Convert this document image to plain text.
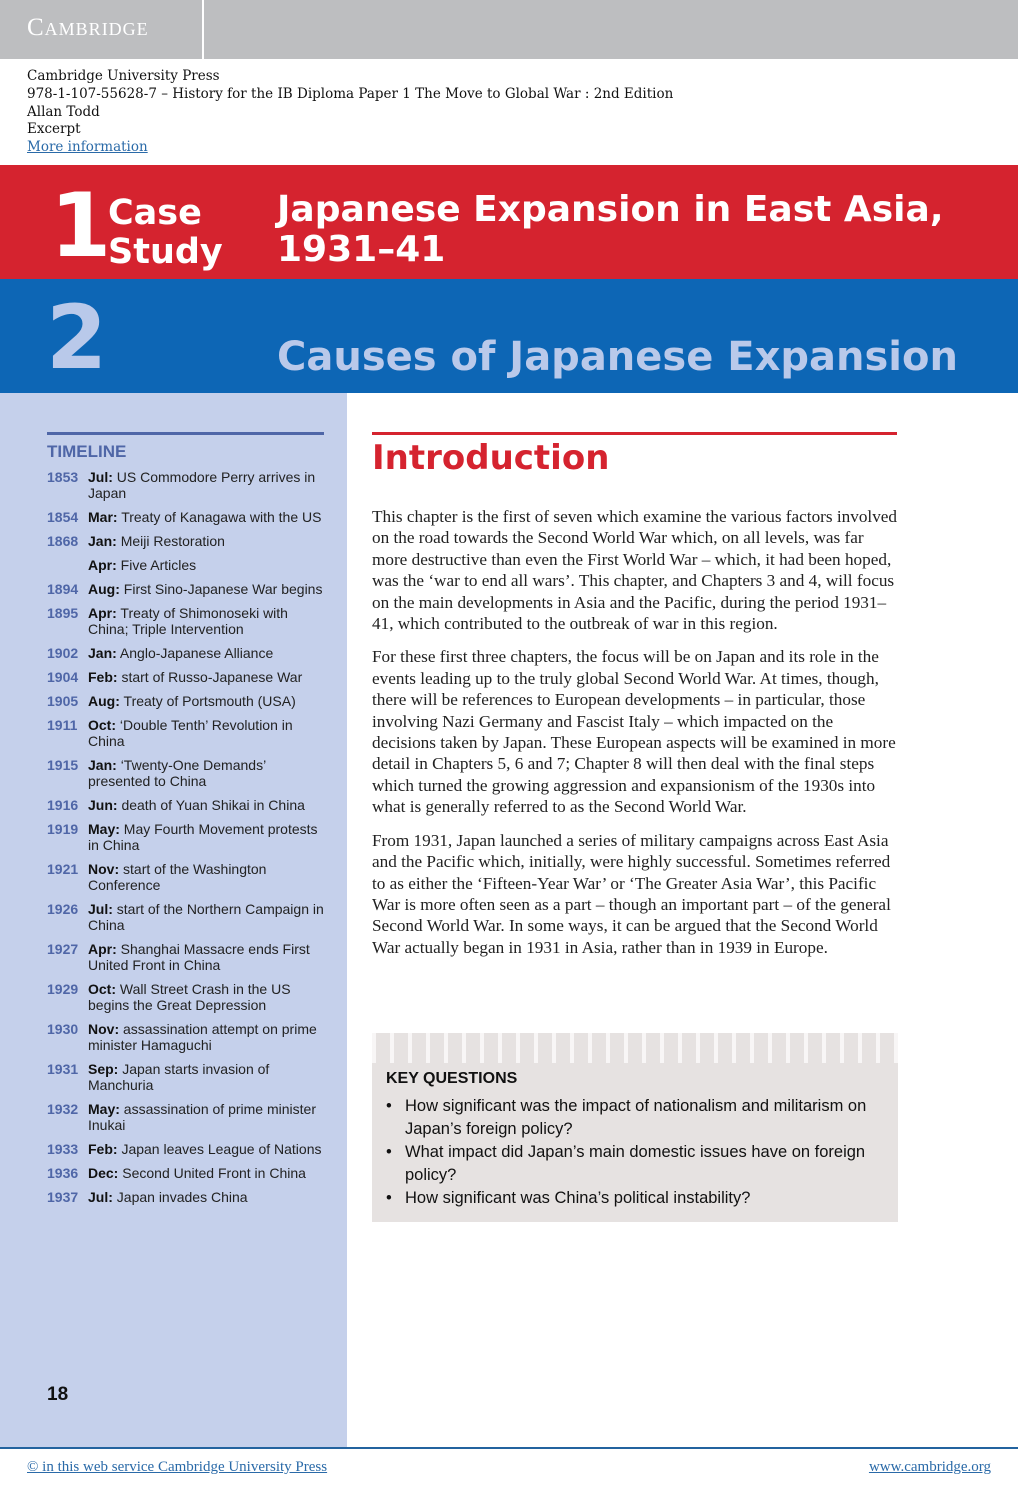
Cambridge
Cambridge University Press
978-1-107-55628-7 – History for the IB Diploma Paper 1 The Move to Global War : 2nd Edition
Allan Todd
Excerpt
More information
1
Case
Study
Japanese Expansion in East Asia,
1931–41
2	Causes of Japanese Expansion
TIMELINE
1853 Jul: US Commodore Perry arrives in Japan
1854 Mar: Treaty of Kanagawa with the US
1868 Jan: Meiji Restoration
Apr: Five Articles
1894 Aug: First Sino-Japanese War begins
1895 Apr: Treaty of Shimonoseki with China; Triple Intervention
1902 Jan: Anglo-Japanese Alliance
1904 Feb: start of Russo-Japanese War
1905 Aug: Treaty of Portsmouth (USA)
1911 Oct: ‘Double Tenth’ Revolution in China
1915 Jan: ‘Twenty-One Demands’ presented to China
1916 Jun: death of Yuan Shikai in China
1919 May: May Fourth Movement protests in China
1921 Nov: start of the Washington Conference
1926 Jul: start of the Northern Campaign in China
1927 Apr: Shanghai Massacre ends First United Front in China
1929 Oct: Wall Street Crash in the US begins the Great Depression
1930 Nov: assassination attempt on prime minister Hamaguchi
1931 Sep: Japan starts invasion of Manchuria
1932 May: assassination of prime minister Inukai
1933 Feb: Japan leaves League of Nations
1936 Dec: Second United Front in China
1937 Jul: Japan invades China
18
Introduction

This chapter is the first of seven which examine the various factors involved on the road towards the Second World War which, on all levels, was far more destructive than even the First World War – which, it had been hoped, was the ‘war to end all wars’. This chapter, and Chapters 3 and 4, will focus on the main developments in Asia and the Pacific, during the period 1931–41, which contributed to the outbreak of war in this region.

For these first three chapters, the focus will be on Japan and its role in the events leading up to the truly global Second World War. At times, though, there will be references to European developments – in particular, those involving Nazi Germany and Fascist Italy – which impacted on the decisions taken by Japan. These European aspects will be examined in more detail in Chapters 5, 6 and 7; Chapter 8 will then deal with the final steps which turned the growing aggression and expansionism of the 1930s into what is generally referred to as the Second World War.

From 1931, Japan launched a series of military campaigns across East Asia and the Pacific which, initially, were highly successful. Sometimes referred to as either the ‘Fifteen-Year War’ or ‘The Greater Asia War’, this Pacific War is more often seen as a part – though an important part – of the general Second World War. In some ways, it can be argued that the Second World War actually began in 1931 in Asia, rather than in 1939 in Europe.

KEY QUESTIONS
• How significant was the impact of nationalism and militarism on Japan’s foreign policy?
• What impact did Japan’s main domestic issues have on foreign policy?
• How significant was China’s political instability?
© in this web service Cambridge University Press	www.cambridge.org
